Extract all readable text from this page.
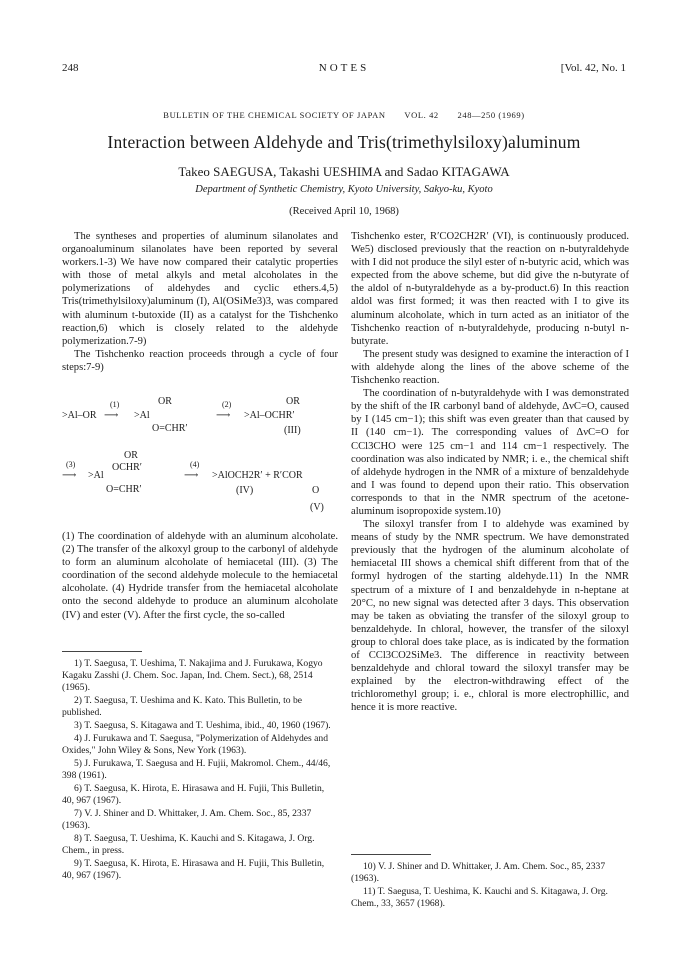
248	NOTES	[Vol. 42, No. 1
BULLETIN OF THE CHEMICAL SOCIETY OF JAPAN VOL. 42 248—250 (1969)
Interaction between Aldehyde and Tris(trimethylsiloxy)aluminum
Takeo SAEGUSA, Takashi UESHIMA and Sadao KITAGAWA
Department of Synthetic Chemistry, Kyoto University, Sakyo-ku, Kyoto
(Received April 10, 1968)

The syntheses and properties of aluminum silanolates and organoaluminum silanolates have been reported by several workers.1-3) We have now compared their catalytic properties with those of metal alkyls and metal alcoholates in the polymerizations of aldehydes and cyclic ethers.4,5) Tris(trimethylsiloxy)aluminum (I), Al(OSiMe3)3, was compared with aluminum t-butoxide (II) as a catalyst for the Tishchenko reaction,6) which is closely related to the aldehyde polymerization.7-9)

The Tishchenko reaction proceeds through a cycle of four steps:7-9)

OR	OR
>Al–OR
(1)
⟶ >Al
O=CHR′
(2)
⟶ >Al–OCHR′
(III)
OR
(3)
⟶ >Al
OCHR′
O=CHR′
(4)
⟶ >AlOCH2R′ + R′COR
(IV)	O
(V)

(1) The coordination of aldehyde with an aluminum alcoholate. (2) The transfer of the alkoxyl group to the carbonyl of aldehyde to form an aluminum alcoholate of hemiacetal (III). (3) The coordination of the second aldehyde molecule to the hemiacetal alcoholate. (4) Hydride transfer from the hemiacetal alcoholate onto the second aldehyde to produce an aluminum alcoholate (IV) and ester (V). After the first cycle, the so-called

1) T. Saegusa, T. Ueshima, T. Nakajima and J. Furukawa, Kogyo Kagaku Zasshi (J. Chem. Soc. Japan, Ind. Chem. Sect.), 68, 2514 (1965).

2) T. Saegusa, T. Ueshima and K. Kato. This Bulletin, to be published.

3) T. Saegusa, S. Kitagawa and T. Ueshima, ibid., 40, 1960 (1967).

4) J. Furukawa and T. Saegusa, "Polymerization of Aldehydes and Oxides," John Wiley & Sons, New York (1963).

5) J. Furukawa, T. Saegusa and H. Fujii, Makromol. Chem., 44/46, 398 (1961).

6) T. Saegusa, K. Hirota, E. Hirasawa and H. Fujii, This Bulletin, 40, 967 (1967).

7) V. J. Shiner and D. Whittaker, J. Am. Chem. Soc., 85, 2337 (1963).

8) T. Saegusa, T. Ueshima, K. Kauchi and S. Kitagawa, J. Org. Chem., in press.

9) T. Saegusa, K. Hirota, E. Hirasawa and H. Fujii, This Bulletin, 40, 967 (1967).

Tishchenko ester, R′CO2CH2R′ (VI), is continuously produced. We5) disclosed previously that the reaction on n-butyraldehyde with I did not produce the silyl ester of n-butyric acid, which was expected from the above scheme, but did give the n-butyrate of the aldol of n-butyraldehyde as a by-product.6) In this reaction aldol was first formed; it was then reacted with I to give its aluminum alcoholate, which in turn acted as an initiator of the Tishchenko reaction of n-butyraldehyde, producing n-butyl n-butyrate.

The present study was designed to examine the interaction of I with aldehyde along the lines of the above scheme of the Tishchenko reaction.

The coordination of n-butyraldehyde with I was demonstrated by the shift of the IR carbonyl band of aldehyde, ΔνC=O, caused by I (145 cm−1); this shift was even greater than that caused by II (140 cm−1). The corresponding values of ΔνC=O for CCl3CHO were 125 cm−1 and 114 cm−1 respectively. The coordination was also indicated by NMR; i. e., the chemical shift of aldehyde hydrogen in the NMR of a mixture of benzaldehyde and I was found to depend upon their ratio. This observation corresponds to that in the NMR spectrum of the acetone-aluminum isopropoxide system.10)

The siloxyl transfer from I to aldehyde was examined by means of study by the NMR spectrum. We have demonstrated previously that the hydrogen of the aluminum alcoholate of hemiacetal III shows a chemical shift different from that of the formyl hydrogen of the starting aldehyde.11) In the NMR spectrum of a mixture of I and benzaldehyde in n-heptane at 20°C, no new signal was detected after 3 days. This observation may be taken as obviating the transfer of the siloxyl group to benzaldehyde. In chloral, however, the transfer of the siloxyl group to chloral does take place, as is indicated by the formation of CCl3CO2SiMe3. The difference in reactivity between benzaldehyde and chloral toward the siloxyl transfer may be explained by the electron-withdrawing effect of the trichloromethyl group; i. e., chloral is more electrophillic, and hence it is more reactive.

10) V. J. Shiner and D. Whittaker, J. Am. Chem. Soc., 85, 2337 (1963).

11) T. Saegusa, T. Ueshima, K. Kauchi and S. Kitagawa, J. Org. Chem., 33, 3657 (1968).
